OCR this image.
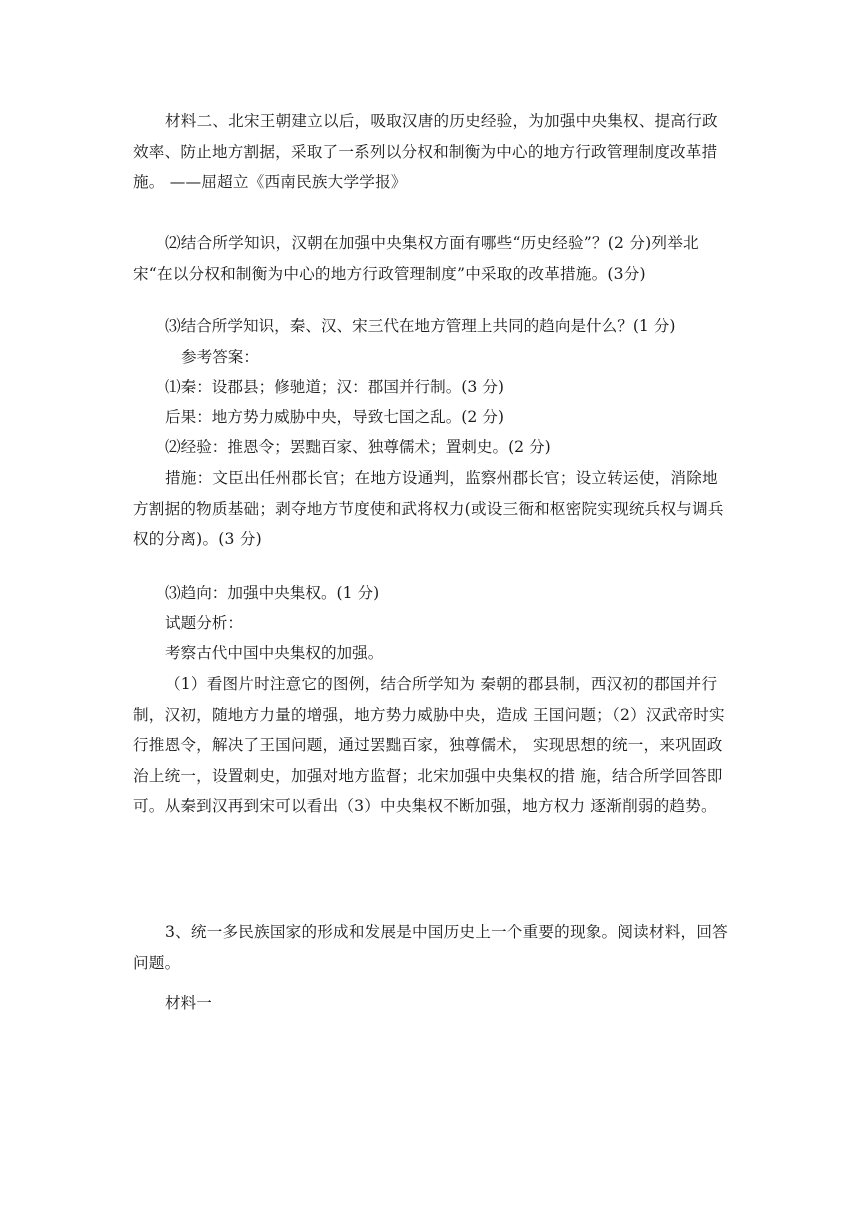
材料二、北宋王朝建立以后，吸取汉唐的历史经验，为加强中央集权、提高行政效率、防止地方割据，采取了一系列以分权和制衡为中心的地方行政管理制度改革措施。 ——屈超立《西南民族大学学报》

⑵结合所学知识，汉朝在加强中央集权方面有哪些“历史经验”？(2 分)列举北宋“在以分权和制衡为中心的地方行政管理制度”中采取的改革措施。(3分)

⑶结合所学知识，秦、汉、宋三代在地方管理上共同的趋向是什么？(1 分)

参考答案：

⑴秦：设郡县；修驰道；汉：郡国并行制。(3 分)

后果：地方势力威胁中央，导致七国之乱。(2 分)

⑵经验：推恩令；罢黜百家、独尊儒术；置刺史。(2 分)

措施：文臣出任州郡长官；在地方设通判，监察州郡长官；设立转运使，消除地方割据的物质基础；剥夺地方节度使和武将权力(或设三衙和枢密院实现统兵权与调兵权的分离)。(3 分)

⑶趋向：加强中央集权。(1 分)

试题分析：

考察古代中国中央集权的加强。

（1）看图片时注意它的图例，结合所学知为 秦朝的郡县制，西汉初的郡国并行制，汉初，随地方力量的增强，地方势力威胁中央，造成 王国问题；（2）汉武帝时实行推恩令，解决了王国问题，通过罢黜百家，独尊儒术， 实现思想的统一，来巩固政治上统一，设置刺史，加强对地方监督；北宋加强中央集权的措 施，结合所学回答即可。从秦到汉再到宋可以看出（3）中央集权不断加强，地方权力 逐渐削弱的趋势。

3、统一多民族国家的形成和发展是中国历史上一个重要的现象。阅读材料，回答问题。

材料一
